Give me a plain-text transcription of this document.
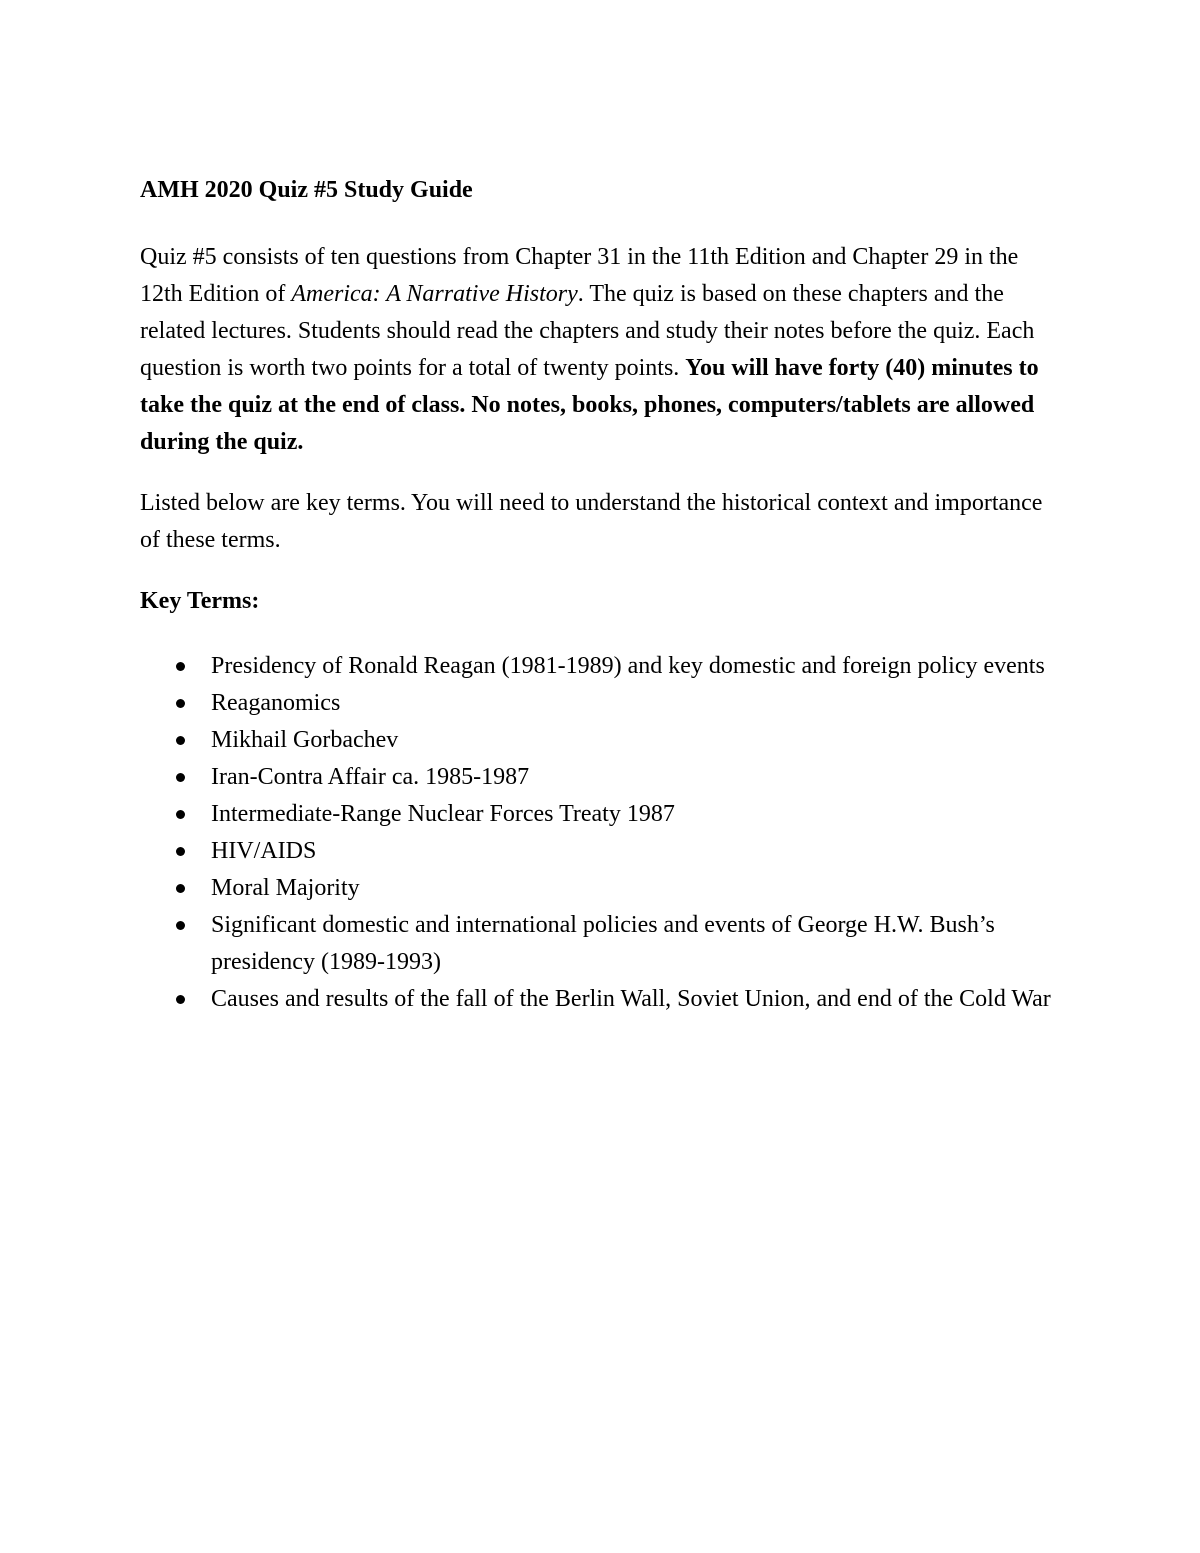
AMH 2020 Quiz #5 Study Guide

Quiz #5 consists of ten questions from Chapter 31 in the 11th Edition and Chapter 29 in the 12th Edition of America: A Narrative History. The quiz is based on these chapters and the related lectures. Students should read the chapters and study their notes before the quiz. Each question is worth two points for a total of twenty points. You will have forty (40) minutes to take the quiz at the end of class. No notes, books, phones, computers/tablets are allowed during the quiz.

Listed below are key terms. You will need to understand the historical context and importance of these terms.

Key Terms:
Presidency of Ronald Reagan (1981-1989) and key domestic and foreign policy events
Reaganomics
Mikhail Gorbachev
Iran-Contra Affair ca. 1985-1987
Intermediate-Range Nuclear Forces Treaty 1987
HIV/AIDS
Moral Majority
Significant domestic and international policies and events of George H.W. Bush’s presidency (1989-1993)
Causes and results of the fall of the Berlin Wall, Soviet Union, and end of the Cold War
